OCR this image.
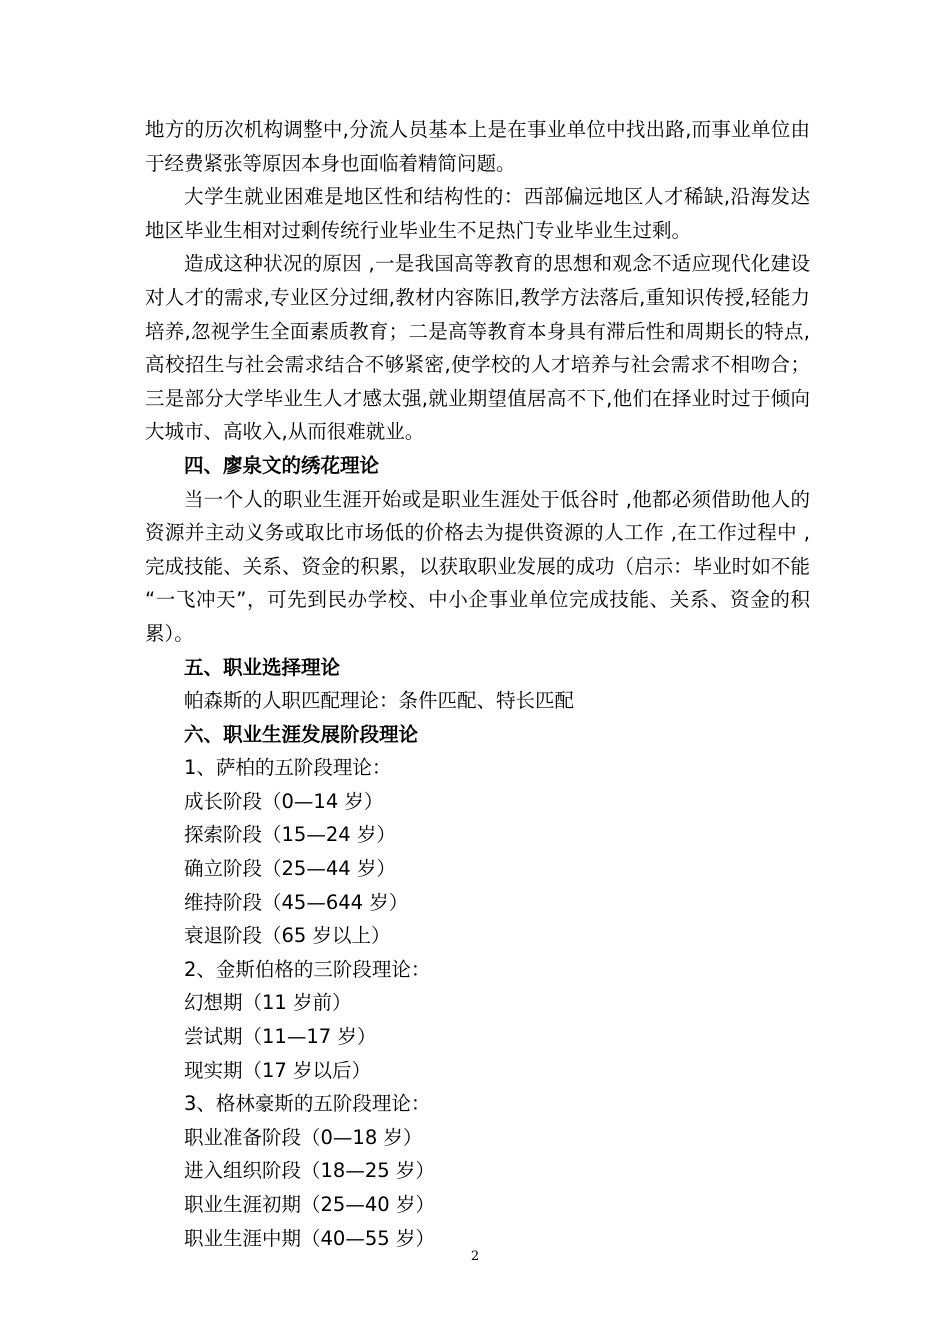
地方的历次机构调整中,分流人员基本上是在事业单位中找出路,而事业单位由于经费紧张等原因本身也面临着精简问题。

大学生就业困难是地区性和结构性的：西部偏远地区人才稀缺,沿海发达地区毕业生相对过剩传统行业毕业生不足热门专业毕业生过剩。

造成这种状况的原因 ,一是我国高等教育的思想和观念不适应现代化建设对人才的需求,专业区分过细,教材内容陈旧,教学方法落后,重知识传授,轻能力培养,忽视学生全面素质教育；二是高等教育本身具有滞后性和周期长的特点,高校招生与社会需求结合不够紧密,使学校的人才培养与社会需求不相吻合；三是部分大学毕业生人才感太强,就业期望值居高不下,他们在择业时过于倾向大城市、高收入,从而很难就业。

四、廖泉文的绣花理论

当一个人的职业生涯开始或是职业生涯处于低谷时 ,他都必须借助他人的资源并主动义务或取比市场低的价格去为提供资源的人工作 ,在工作过程中 ,完成技能、关系、资金的积累，以获取职业发展的成功（启示：毕业时如不能 “一飞冲天”，可先到民办学校、中小企事业单位完成技能、关系、资金的积累）。

五、职业选择理论

帕森斯的人职匹配理论：条件匹配、特长匹配

六、职业生涯发展阶段理论

1、萨柏的五阶段理论：

成长阶段（0—14 岁）

探索阶段（15—24 岁）

确立阶段（25—44 岁）

维持阶段（45—644 岁）

衰退阶段（65 岁以上）

2、金斯伯格的三阶段理论：

幻想期（11 岁前）

尝试期（11—17 岁）

现实期（17 岁以后）

3、格林豪斯的五阶段理论：

职业准备阶段（0—18 岁）

进入组织阶段（18—25 岁）

职业生涯初期（25—40 岁）

职业生涯中期（40—55 岁）

2
